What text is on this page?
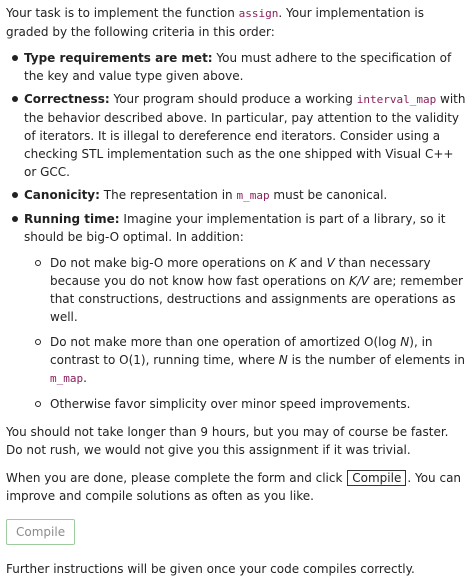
Your task is to implement the function assign. Your implementation is graded by the following criteria in this order:

Type requirements are met: You must adhere to the specification of the key and value type given above.
Correctness: Your program should produce a working interval_map with the behavior described above. In particular, pay attention to the validity of iterators. It is illegal to dereference end iterators. Consider using a checking STL implementation such as the one shipped with Visual C++ or GCC.
Canonicity: The representation in m_map must be canonical.
Running time: Imagine your implementation is part of a library, so it should be big-O optimal. In addition:
Do not make big-O more operations on K and V than necessary because you do not know how fast operations on K/V are; remember that constructions, destructions and assignments are operations as well.
Do not make more than one operation of amortized O(log N), in contrast to O(1), running time, where N is the number of elements in m_map.
Otherwise favor simplicity over minor speed improvements.

You should not take longer than 9 hours, but you may of course be faster. Do not rush, we would not give you this assignment if it was trivial.

When you are done, please complete the form and click Compile . You can improve and compile solutions as often as you like.

Compile

Further instructions will be given once your code compiles correctly.
